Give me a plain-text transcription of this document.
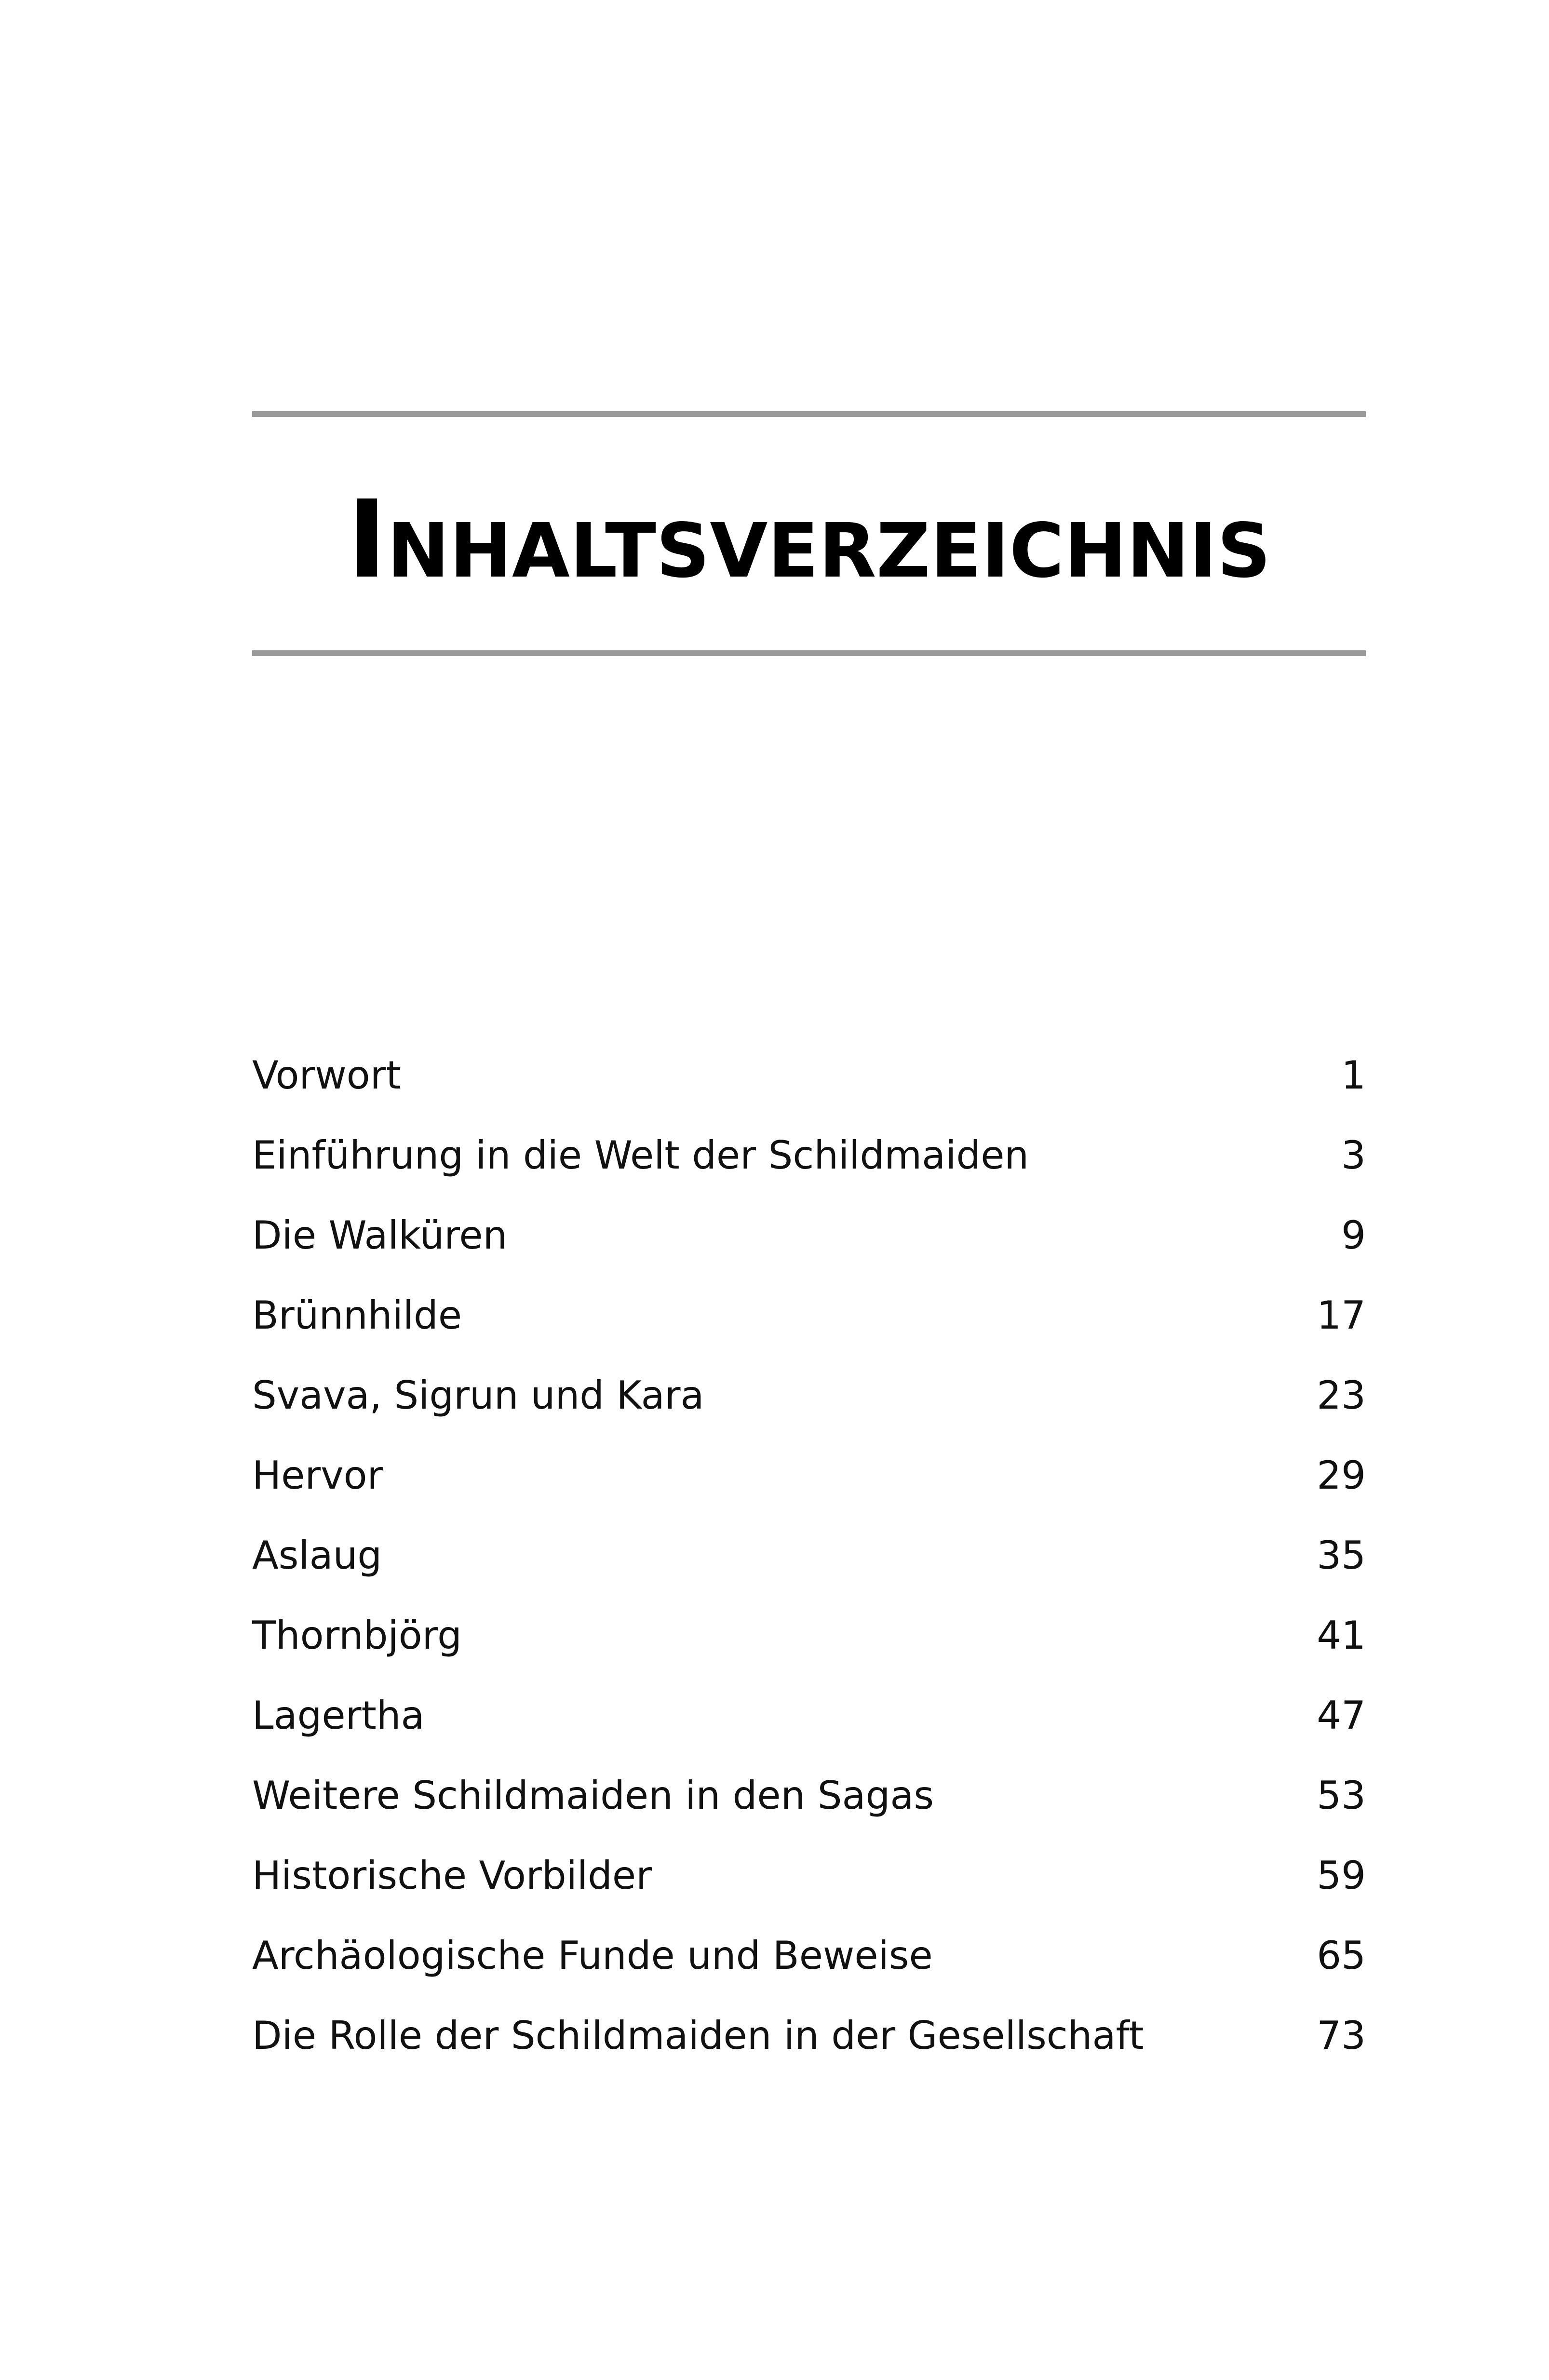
Inhaltsverzeichnis
Vorwort	1
Einführung in die Welt der Schildmaiden	3
Die Walküren	9
Brünnhilde	17
Svava, Sigrun und Kara	23
Hervor	29
Aslaug	35
Thornbjörg	41
Lagertha	47
Weitere Schildmaiden in den Sagas	53
Historische Vorbilder	59
Archäologische Funde und Beweise	65
Die Rolle der Schildmaiden in der Gesellschaft	73
